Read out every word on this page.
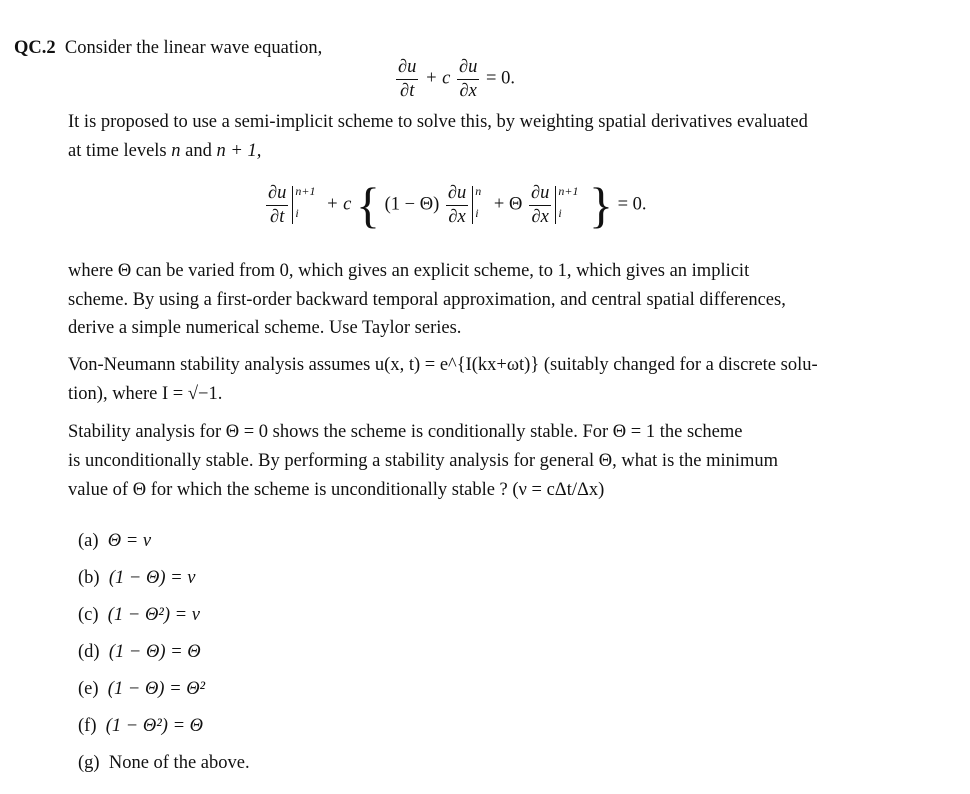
QC.2 Consider the linear wave equation,
$\frac{\partial u}{\partial t} + c \frac{\partial u}{\partial x} = 0$.
It is proposed to use a semi-implicit scheme to solve this, by weighting spatial derivatives evaluated
at time levels n and n + 1,
$\frac{\partial u}{\partial t} n+1$
i + c { $(1 - \Theta) \frac{\partial u}{\partial x}$ n
i + Θ $\frac{\partial u}{\partial x} n+1$
i } = 0.
where Θ can be varied from 0, which gives an explicit scheme, to 1, which gives an implicit
scheme. By using a first-order backward temporal approximation, and central spatial differences,
derive a simple numerical scheme. Use Taylor series.
Von-Neumann stability analysis assumes u(x, t) = e^{I(kx+ωt)} (suitably changed for a discrete solu-
tion), where I = √−1.
Stability analysis for Θ = 0 shows the scheme is conditionally stable. For Θ = 1 the scheme
is unconditionally stable. By performing a stability analysis for general Θ, what is the minimum
value of Θ for which the scheme is unconditionally stable ? (ν = cΔt/Δx)
(a) Θ = ν
(b) (1 − Θ) = ν
(c) (1 − Θ²) = ν
(d) (1 − Θ) = Θ
(e) (1 − Θ) = Θ²
(f) (1 − Θ²) = Θ
(g) None of the above.
